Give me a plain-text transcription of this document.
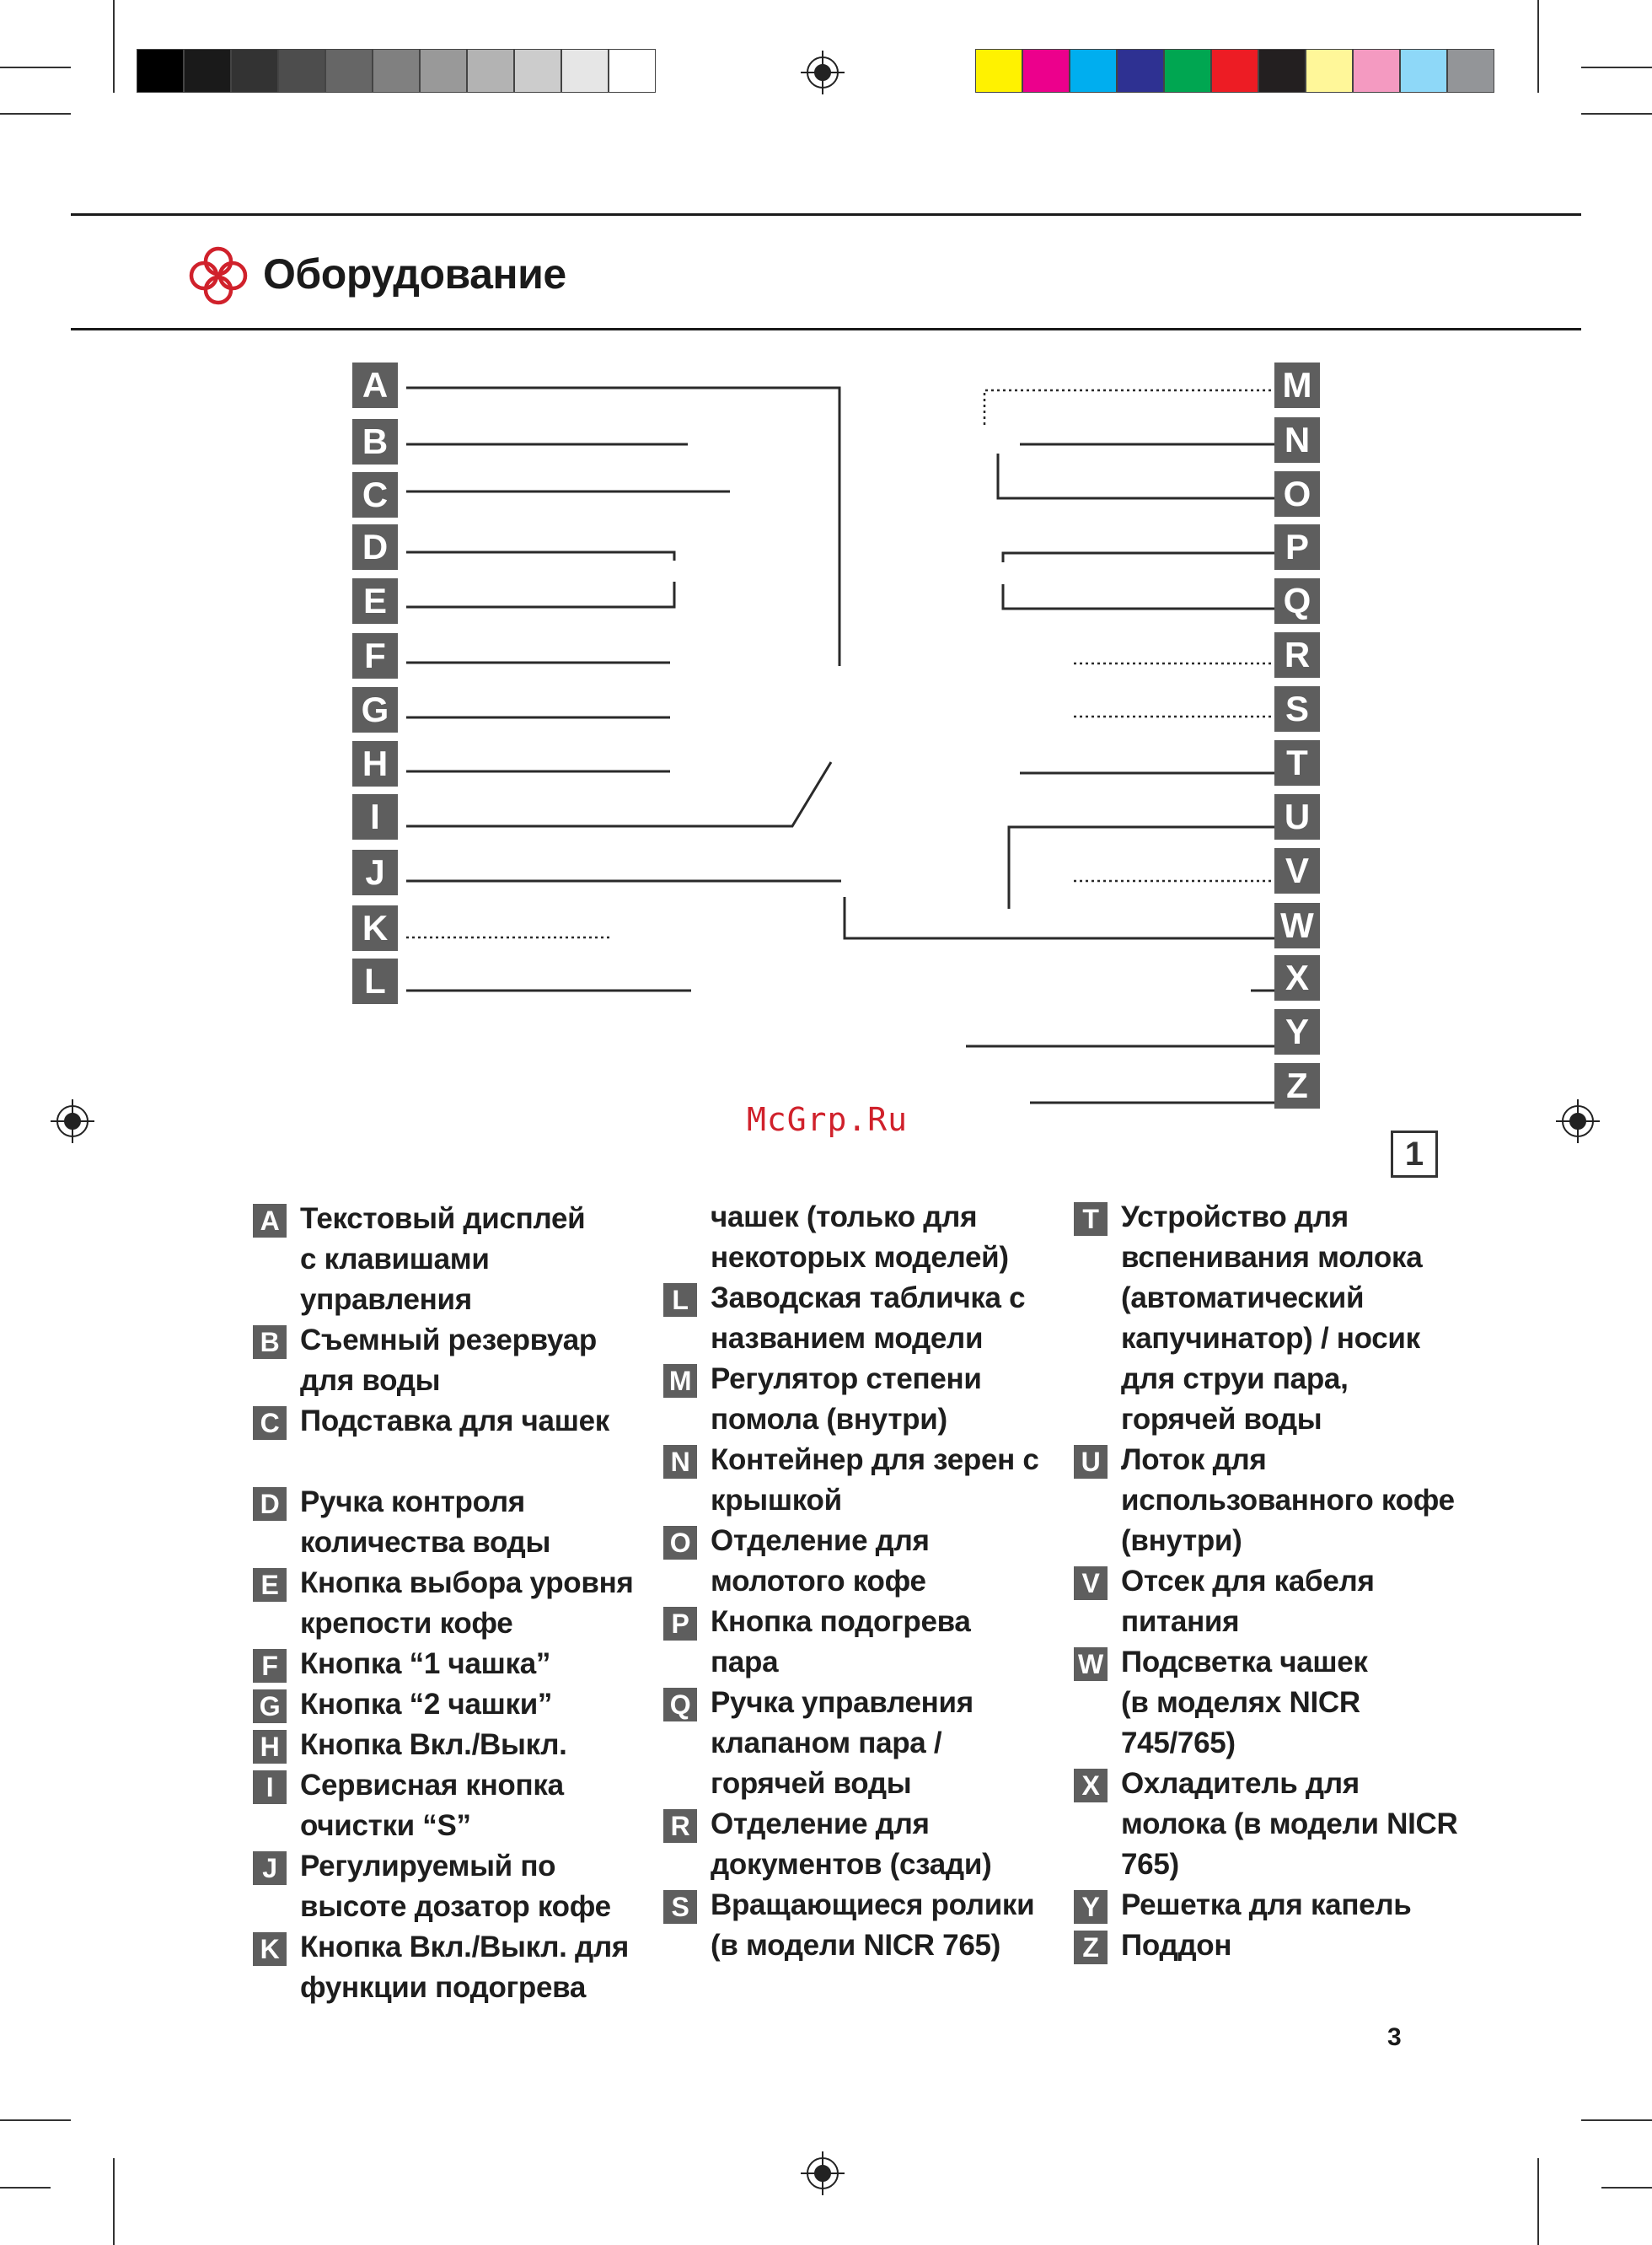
Оборудование
A
B
C
D
E
F
G
H
I
J
K
L
M
N
O
P
Q
R
S
T
U
V
W
X
Y
Z
McGrp.Ru
1
A Текстовый дисплей
с клавишами
управления
B Съемный резервуар
для воды
C Подставка для чашек
D Ручка контроля
количества воды
E Кнопка выбора уровня
крепости кофе
F Кнопка “1 чашка”
G Кнопка “2 чашки”
H Кнопка Вкл./Выкл.
I Сервисная кнопка
очистки “S”
J Регулируемый по
высоте дозатор кофе
K Кнопка Вкл./Выкл. для
функции подогрева
чашек (только для
некоторых моделей)
L Заводская табличка с
названием модели
M Регулятор степени
помола (внутри)
N Контейнер для зерен с
крышкой
O Отделение для
молотого кофе
P Кнопка подогрева
пара
Q Ручка управления
клапаном пара /
горячей воды
R Отделение для
документов (сзади)
S Вращающиеся ролики
(в модели NICR 765)
T Устройство для
вспенивания молока
(автоматический
капучинатор) / носик
для струи пара,
горячей воды
U Лоток для
использованного кофе
(внутри)
V Отсек для кабеля
питания
W Подсветка чашек
(в моделях NICR
745/765)
X Охладитель для
молока (в модели NICR
765)
Y Решетка для капель
Z Поддон
3
